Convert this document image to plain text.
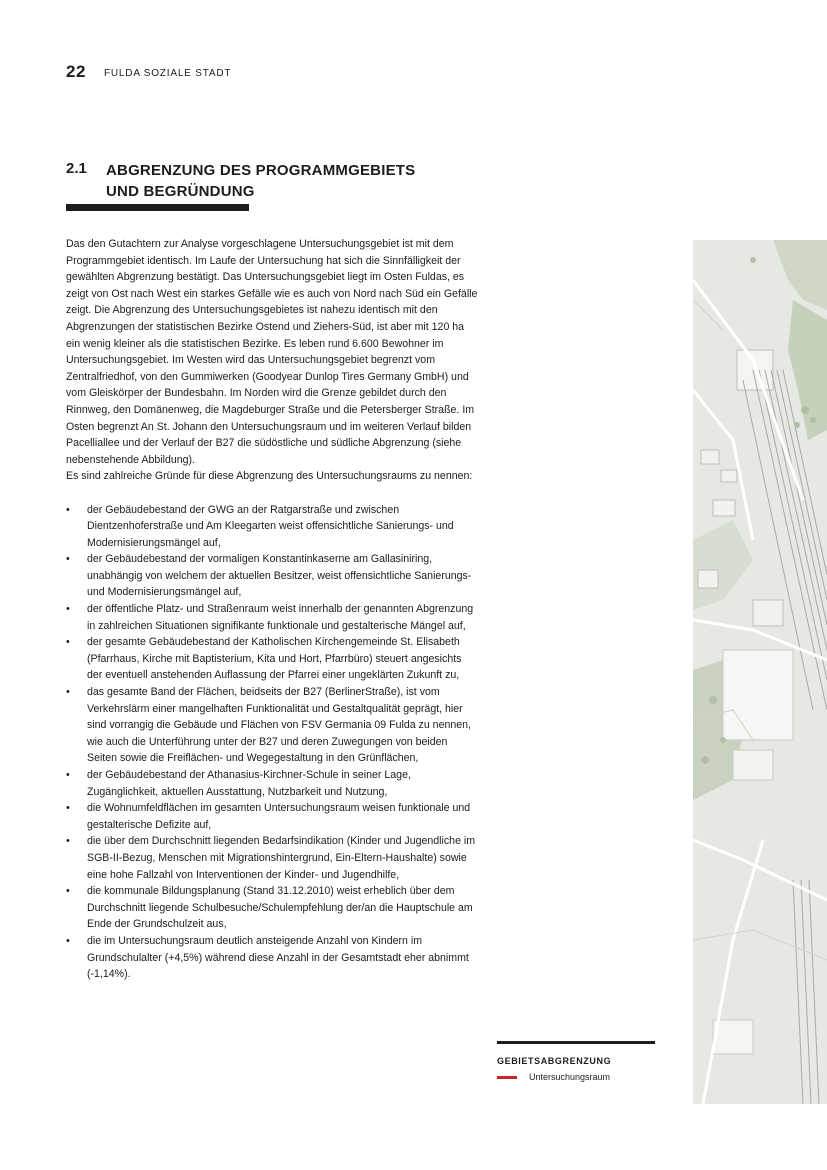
22 FULDA SOZIALE STADT
2.1 ABGRENZUNG DES PROGRAMMGEBIETS UND BEGRÜNDUNG

Das den Gutachtern zur Analyse vorgeschlagene Untersuchungsgebiet ist mit dem Programmgebiet identisch. Im Laufe der Untersuchung hat sich die Sinnfälligkeit der gewählten Abgrenzung bestätigt. Das Untersuchungsgebiet liegt im Osten Fuldas, es zeigt von Ost nach West ein starkes Gefälle wie es auch von Nord nach Süd ein Gefälle zeigt. Die Abgrenzung des Untersuchungsgebietes ist nahezu identisch mit den Abgrenzungen der statistischen Bezirke Ostend und Ziehers-Süd, ist aber mit 120 ha ein wenig kleiner als die statistischen Bezirke. Es leben rund 6.600 Bewohner im Untersuchungsgebiet. Im Westen wird das Untersuchungsgebiet begrenzt vom Zentralfriedhof, von den Gummiwerken (Goodyear Dunlop Tires Germany GmbH) und vom Gleiskörper der Bundesbahn. Im Norden wird die Grenze gebildet durch den Rinnweg, den Domänenweg, die Magdeburger Straße und die Petersberger Straße. Im Osten begrenzt An St. Johann den Untersuchungsraum und im weiteren Verlauf bilden Pacelliallee und der Verlauf der B27 die südöstliche und südliche Abgrenzung (siehe nebenstehende Abbildung).

Es sind zahlreiche Gründe für diese Abgrenzung des Untersuchungsraums zu nennen:

• der Gebäudebestand der GWG an der Ratgarstraße und zwischen Dientzenhoferstraße und Am Kleegarten weist offensichtliche Sanierungs- und Modernisierungsmängel auf,
• der Gebäudebestand der vormaligen Konstantinkaserne am Gallasiniring, unabhängig von welchem der aktuellen Besitzer, weist offensichtliche Sanierungs- und Modernisierungsmängel auf,
• der öffentliche Platz- und Straßenraum weist innerhalb der genannten Abgrenzung in zahlreichen Situationen signifikante funktionale und gestalterische Mängel auf,
• der gesamte Gebäudebestand der Katholischen Kirchengemeinde St. Elisabeth (Pfarrhaus, Kirche mit Baptisterium, Kita und Hort, Pfarrbüro) steuert angesichts der eventuell anstehenden Auflassung der Pfarrei einer ungeklärten Zukunft zu,
• das gesamte Band der Flächen, beidseits der B27 (BerlinerStraße), ist vom Verkehrslärm einer mangelhaften Funktionalität und Gestaltqualität geprägt, hier sind vorrangig die Gebäude und Flächen von FSV Germania 09 Fulda zu nennen, wie auch die Unterführung unter der B27 und deren Zuwegungen von beiden Seiten sowie die Freiflächen- und Wegegestaltung in den Grünflächen,
• der Gebäudebestand der Athanasius-Kirchner-Schule in seiner Lage, Zugänglichkeit, aktuellen Ausstattung, Nutzbarkeit und Nutzung,
• die Wohnumfeldflächen im gesamten Untersuchungsraum weisen funktionale und gestalterische Defizite auf,
• die über dem Durchschnitt liegenden Bedarfsindikation (Kinder und Jugendliche im SGB-II-Bezug, Menschen mit Migrationshintergrund, Ein-Eltern-Haushalte) sowie eine hohe Fallzahl von Interventionen der Kinder- und Jugendhilfe,
• die kommunale Bildungsplanung (Stand 31.12.2010) weist erheblich über dem Durchschnitt liegende Schulbesuche/Schulempfehlung der/an die Hauptschule am Ende der Grundschulzeit aus,
• die im Untersuchungsraum deutlich ansteigende Anzahl von Kindern im Grundschulalter (+4,5%) während diese Anzahl in der Gesamtstadt eher abnimmt (-1,14%).
GEBIETSABGRENZUNG
Untersuchungsraum
